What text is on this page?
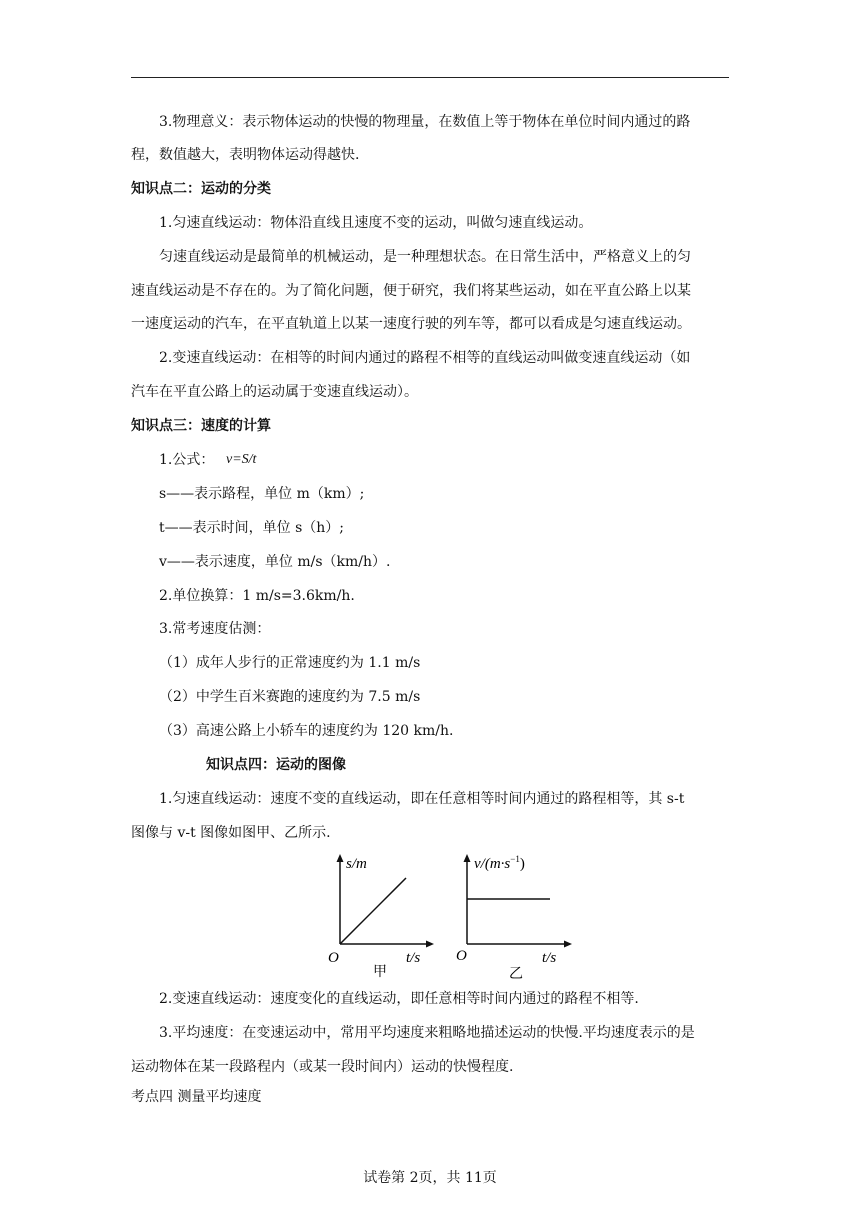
3.物理意义：表示物体运动的快慢的物理量，在数值上等于物体在单位时间内通过的路
程，数值越大，表明物体运动得越快.
知识点二：运动的分类
1.匀速直线运动：物体沿直线且速度不变的运动，叫做匀速直线运动。
匀速直线运动是最简单的机械运动，是一种理想状态。在日常生活中，严格意义上的匀
速直线运动是不存在的。为了简化问题，便于研究，我们将某些运动，如在平直公路上以某
一速度运动的汽车，在平直轨道上以某一速度行驶的列车等，都可以看成是匀速直线运动。
2.变速直线运动：在相等的时间内通过的路程不相等的直线运动叫做变速直线运动（如
汽车在平直公路上的运动属于变速直线运动）。
知识点三：速度的计算
1.公式： v=S/t
s——表示路程，单位 m（km）;
t——表示时间，单位 s（h）;
v——表示速度，单位 m/s（km/h）.
2.单位换算：1 m/s=3.6km/h.
3.常考速度估测：
（1）成年人步行的正常速度约为 1.1 m/s
（2）中学生百米赛跑的速度约为 7.5 m/s
（3）高速公路上小轿车的速度约为 120 km/h.
知识点四：运动的图像
1.匀速直线运动：速度不变的直线运动，即在任意相等时间内通过的路程相等，其 s-t
图像与 v-t 图像如图甲、乙所示.
s/m
O	t/s
甲
$v/(m\cdot s^{-1})$
O	t/s
乙
2.变速直线运动：速度变化的直线运动，即任意相等时间内通过的路程不相等.
3.平均速度：在变速运动中，常用平均速度来粗略地描述运动的快慢.平均速度表示的是
运动物体在某一段路程内（或某一段时间内）运动的快慢程度.
考点四 测量平均速度
试卷第 2页，共 11页
